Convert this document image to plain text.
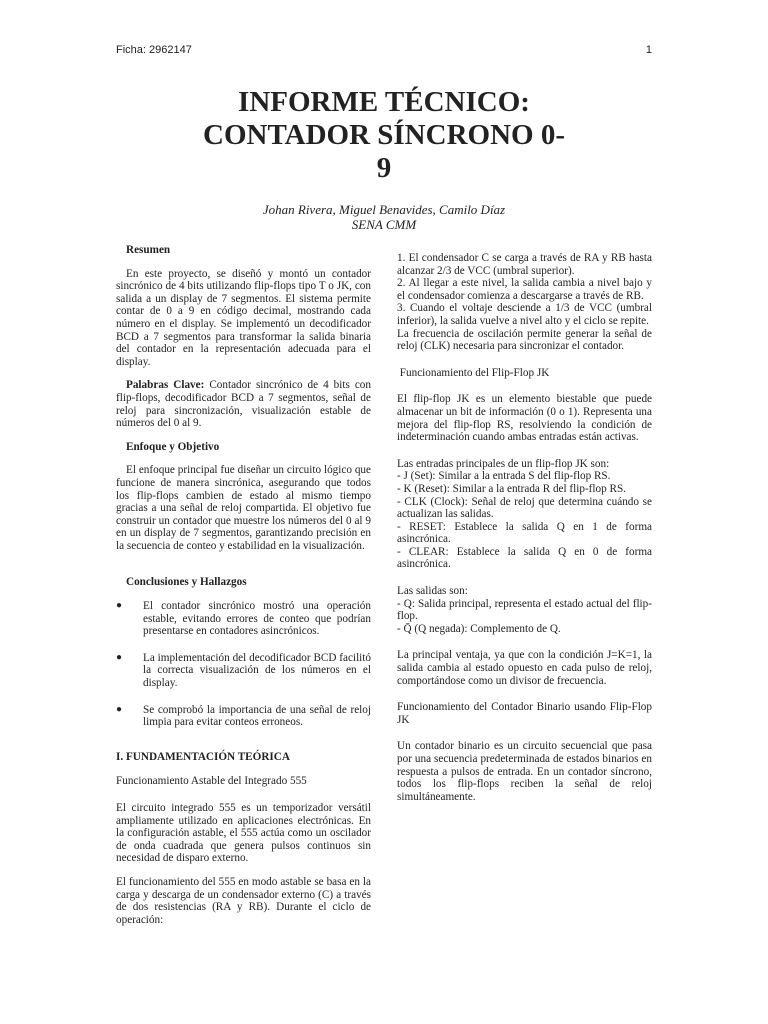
Ficha: 2962147	1
INFORME TÉCNICO:
CONTADOR SÍNCRONO 0-
9
Johan Rivera, Miguel Benavides, Camilo Díaz
SENA CMM

Resumen

En este proyecto, se diseñó y montó un contador sincrónico de 4 bits utilizando flip-flops tipo T o JK, con salida a un display de 7 segmentos. El sistema permite contar de 0 a 9 en código decimal, mostrando cada número en el display. Se implementó un decodificador BCD a 7 segmentos para transformar la salida binaria del contador en la representación adecuada para el display.

Palabras Clave: Contador sincrónico de 4 bits con flip-flops, decodificador BCD a 7 segmentos, señal de reloj para sincronización, visualización estable de números del 0 al 9.

Enfoque y Objetivo

El enfoque principal fue diseñar un circuito lógico que funcione de manera sincrónica, asegurando que todos los flip-flops cambien de estado al mismo tiempo gracias a una señal de reloj compartida. El objetivo fue construir un contador que muestre los números del 0 al 9 en un display de 7 segmentos, garantizando precisión en la secuencia de conteo y estabilidad en la visualización.

Conclusiones y Hallazgos

● El contador sincrónico mostró una operación estable, evitando errores de conteo que podrían presentarse en contadores asincrónicos.
● La implementación del decodificador BCD facilitó la correcta visualización de los números en el display.
● Se comprobó la importancia de una señal de reloj limpia para evitar conteos erroneos.

I. FUNDAMENTACIÓN TEÓRICA

Funcionamiento Astable del Integrado 555

El circuito integrado 555 es un temporizador versátil ampliamente utilizado en aplicaciones electrónicas. En la configuración astable, el 555 actúa como un oscilador de onda cuadrada que genera pulsos continuos sin necesidad de disparo externo.

El funcionamiento del 555 en modo astable se basa en la carga y descarga de un condensador externo (C) a través de dos resistencias (RA y RB). Durante el ciclo de operación:

1. El condensador C se carga a través de RA y RB hasta alcanzar 2/3 de VCC (umbral superior).
2. Al llegar a este nivel, la salida cambia a nivel bajo y el condensador comienza a descargarse a través de RB.
3. Cuando el voltaje desciende a 1/3 de VCC (umbral inferior), la salida vuelve a nivel alto y el ciclo se repite.
La frecuencia de oscilación permite generar la señal de reloj (CLK) necesaria para sincronizar el contador.

Funcionamiento del Flip-Flop JK

El flip-flop JK es un elemento biestable que puede almacenar un bit de información (0 o 1). Representa una mejora del flip-flop RS, resolviendo la condición de indeterminación cuando ambas entradas están activas.

Las entradas principales de un flip-flop JK son:
- J (Set): Similar a la entrada S del flip-flop RS.
- K (Reset): Similar a la entrada R del flip-flop RS.
- CLK (Clock): Señal de reloj que determina cuándo se actualizan las salidas.
- RESET: Establece la salida Q en 1 de forma asincrónica.
- CLEAR: Establece la salida Q en 0 de forma asincrónica.

Las salidas son:
- Q: Salida principal, representa el estado actual del flip-flop.
- Q̄ (Q negada): Complemento de Q.

La principal ventaja, ya que con la condición J=K=1, la salida cambia al estado opuesto en cada pulso de reloj, comportándose como un divisor de frecuencia.

Funcionamiento del Contador Binario usando Flip-Flop JK

Un contador binario es un circuito secuencial que pasa por una secuencia predeterminada de estados binarios en respuesta a pulsos de entrada. En un contador síncrono, todos los flip-flops reciben la señal de reloj simultáneamente.
